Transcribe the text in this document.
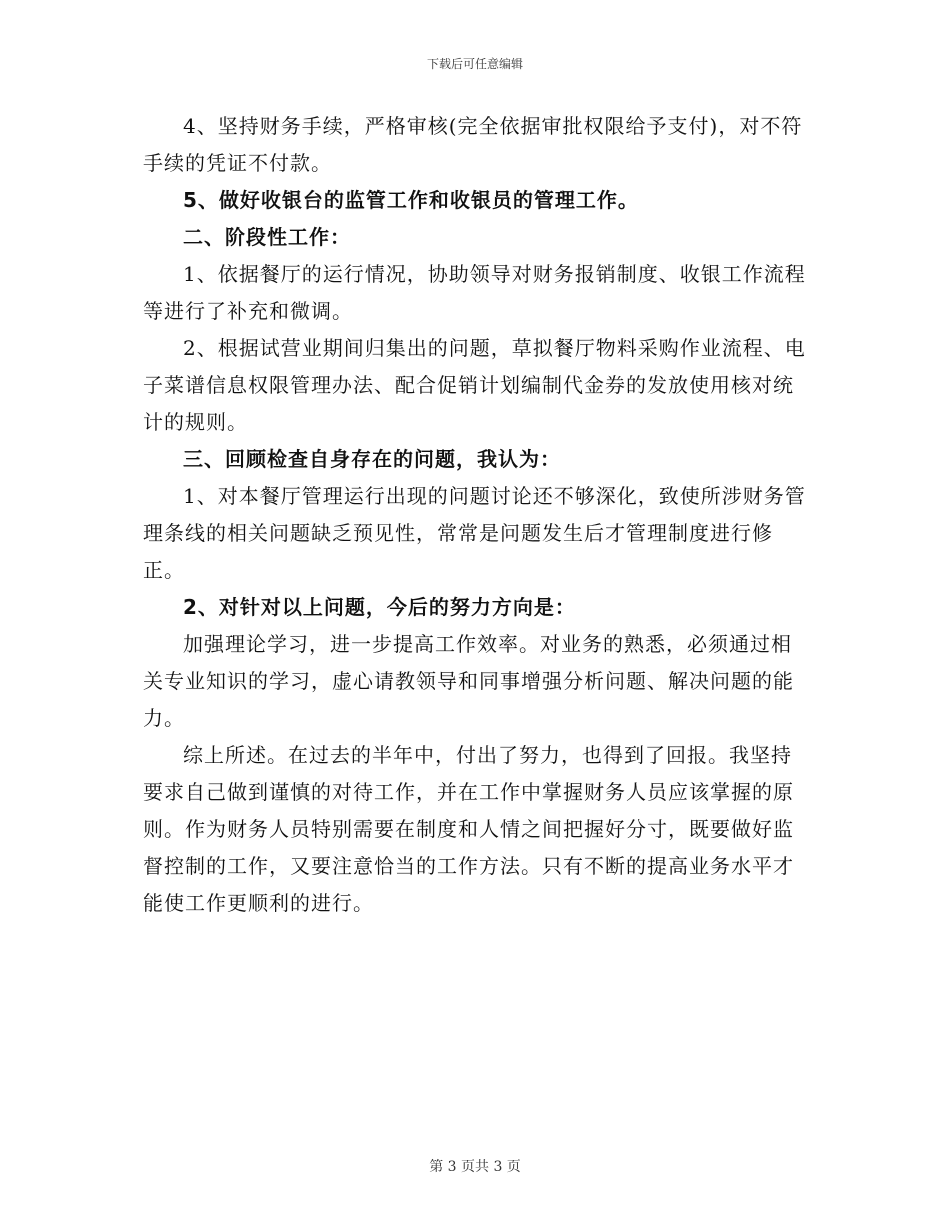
下载后可任意编辑

4、坚持财务手续，严格审核(完全依据审批权限给予支付)，对不符手续的凭证不付款。

5、做好收银台的监管工作和收银员的管理工作。

二、阶段性工作：

1、依据餐厅的运行情况，协助领导对财务报销制度、收银工作流程等进行了补充和微调。

2、根据试营业期间归集出的问题，草拟餐厅物料采购作业流程、电子菜谱信息权限管理办法、配合促销计划编制代金券的发放使用核对统计的规则。

三、回顾检查自身存在的问题，我认为：

1、对本餐厅管理运行出现的问题讨论还不够深化，致使所涉财务管理条线的相关问题缺乏预见性，常常是问题发生后才管理制度进行修正。

2、对针对以上问题，今后的努力方向是：

加强理论学习，进一步提高工作效率。对业务的熟悉，必须通过相关专业知识的学习，虚心请教领导和同事增强分析问题、解决问题的能力。

综上所述。在过去的半年中，付出了努力，也得到了回报。我坚持要求自己做到谨慎的对待工作，并在工作中掌握财务人员应该掌握的原则。作为财务人员特别需要在制度和人情之间把握好分寸，既要做好监督控制的工作，又要注意恰当的工作方法。只有不断的提高业务水平才能使工作更顺利的进行。

第 3 页共 3 页
